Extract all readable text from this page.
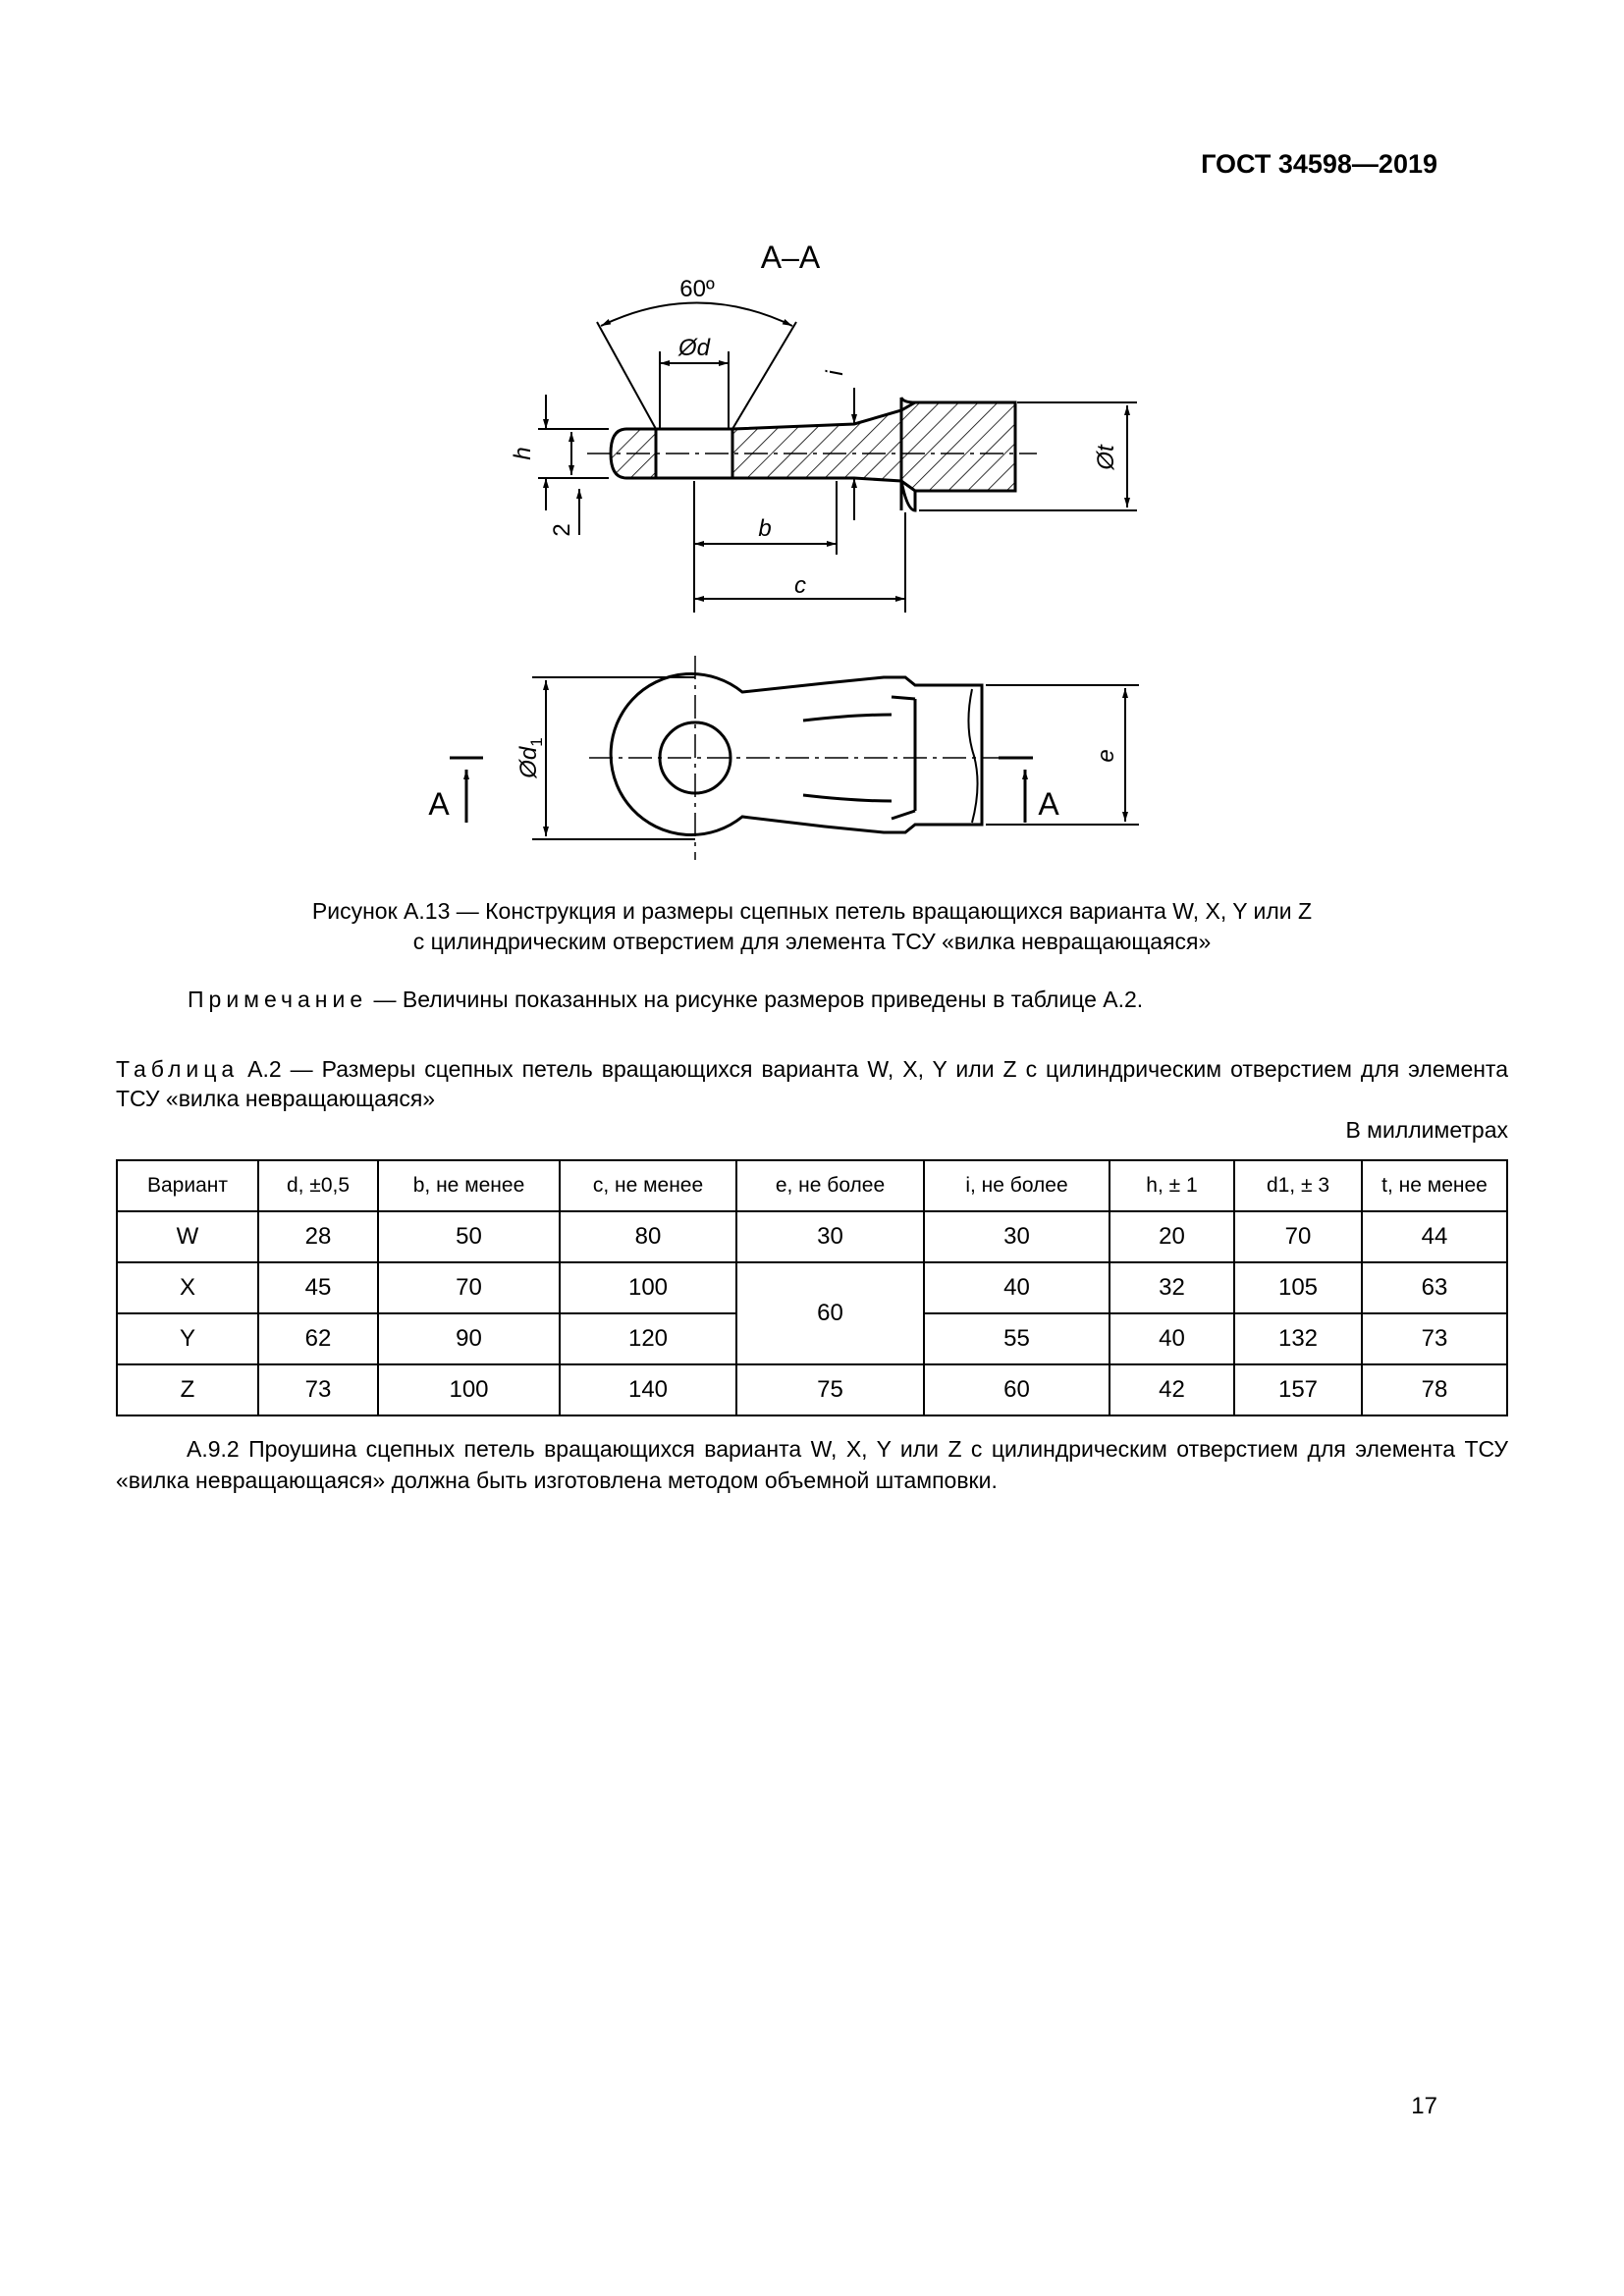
ГОСТ 34598—2019
А–А
60º
Ød
h
2
i
b
c
Øt
$Ød_1$
e
А	А
Рисунок А.13 — Конструкция и размеры сцепных петель вращающихся варианта W, X, Y или Z
с цилиндрическим отверстием для элемента ТСУ «вилка невращающаяся»
Примечание — Величины показанных на рисунке размеров приведены в таблице А.2.
Таблица А.2 — Размеры сцепных петель вращающихся варианта W, X, Y или Z с цилиндрическим отверстием для элемента ТСУ «вилка невращающаяся»
В миллиметрах
Вариант	d, ±0,5	b, не менее	c, не менее	e, не более	i, не более	h, ± 1	d1, ± 3	t, не менее
W	28	50	80	30	30	20	70	44
X	45	70	100	60	40	32	105	63
Y	62	90	120		55	40	132	73
Z	73	100	140	75	60	42	157	78
А.9.2 Проушина сцепных петель вращающихся варианта W, X, Y или Z с цилиндрическим отверстием для элемента ТСУ «вилка невращающаяся» должна быть изготовлена методом объемной штамповки.
17
